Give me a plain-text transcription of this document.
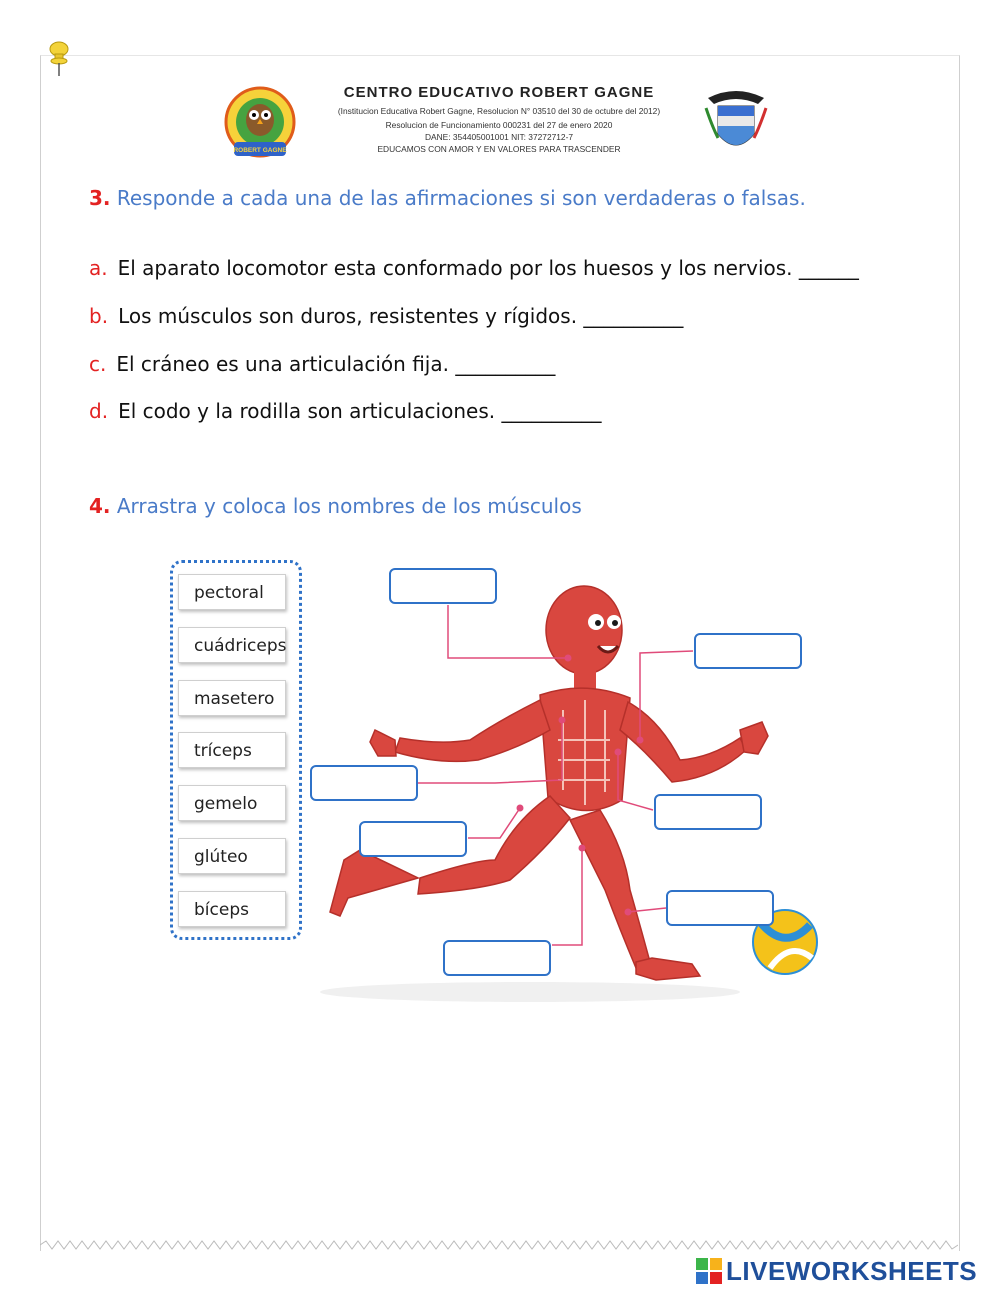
ROBERT GAGNE
CENTRO EDUCATIVO ROBERT GAGNE
(Institucion Educativa Robert Gagne, Resolucion N° 03510 del 30 de octubre del 2012)
Resolucion de Funcionamiento 000231 del 27 de enero 2020
DANE: 354405001001 NIT: 37272712-7
EDUCAMOS CON AMOR Y EN VALORES PARA TRASCENDER
3. Responde a cada una de las afirmaciones si son verdaderas o falsas.
a. El aparato locomotor esta conformado por los huesos y los nervios. ______
b. Los músculos son duros, resistentes y rígidos. __________
c. El cráneo es una articulación fija. __________
d. El codo y la rodilla son articulaciones. __________
4. Arrastra y coloca los nombres de los músculos
pectoral
cuádriceps
masetero
tríceps
gemelo
glúteo
bíceps
LIVEWORKSHEETS
